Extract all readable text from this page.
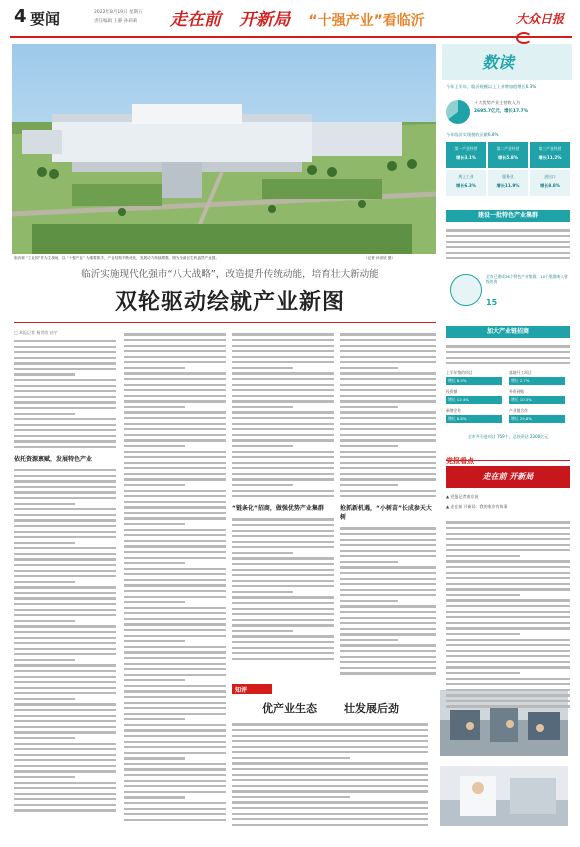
4 要闻	2022年8月19日 星期五
责任编辑 王静 孙莉莉 走在前 开新局 “十强产业”看临沂	大众日报
临沂郯 “工业园”作为主战场，以 “十强产业” 为重要抓手，产业结构不断优化，发展动力持续增强，图为全新区生机盎然产业园。	（记者 孙世欣 摄）
临沂实施现代化强市“八大战略”，改造提升传统动能，培育壮大新动能
双轮驱动绘就产业新图
□ 本报记者 杨世欣 孙宇
依托资源禀赋，发展特色产业
“链条化”招商，做强优势产业集群	抢抓新机遇，“小树苗”长成参天大树
知评
优产业生态 壮发展后劲
数读
今年上半年，临沂规模以上工业增加值增长6.3%
十大优势产业主营收入为
2695.7亿元，增长17.7%
今年临沂实现税收贡献6.8%
第一产业经营
增长3.1%
第二产业经营
增长5.8%
第三产业经营
增长11.2%
规上工业
增长6.3%
服务业
增长11.9%
进出口
增长8.8%
建设一批特色产业集群
全市已建成26个特色产业集群，10个集群纳入省级培育
15
加大产业链招商
上半年签约项目
增长 8.5%
落地开工项目
增长 2.7%
投资额
增长 12.4%
外资到账
增长 10.5%
新增企业
增长 8.8%
产业链合作
增长 29.8%
全市共引进项目 759个，总投资达 2300亿元
党报看点
走在前 开新局
▲ 党报记者南京说
▲ 走在前 开新局：我的家乡有故事
